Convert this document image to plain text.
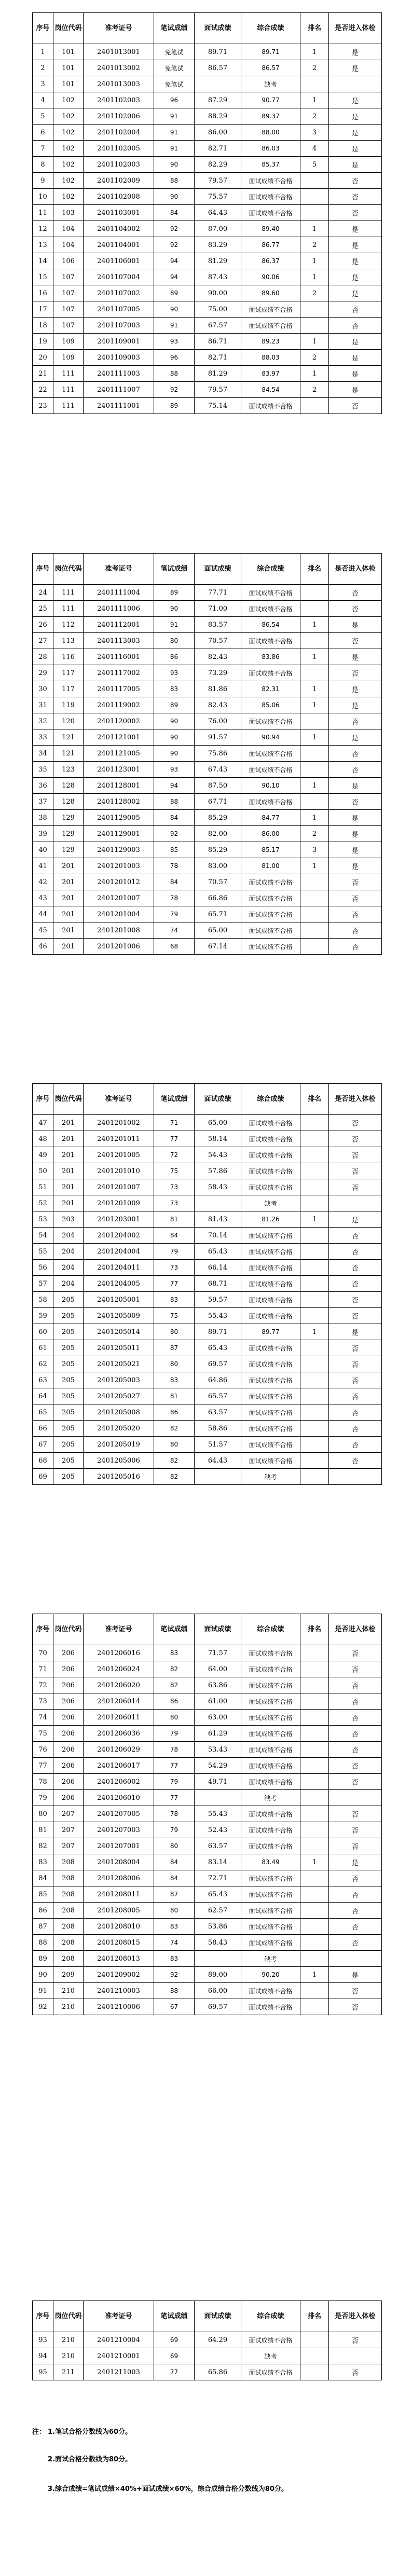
序号	岗位代码	准考证号	笔试成绩	面试成绩	综合成绩	排名	是否进入体检
1	101	2401013001	免笔试	89.71	89.71	1	是
2	101	2401013002	免笔试	86.57	86.57	2	是
3	101	2401013003	免笔试		缺考		
4	102	2401102003	96	87.29	90.77	1	是
5	102	2401102006	91	88.29	89.37	2	是
6	102	2401102004	91	86.00	88.00	3	是
7	102	2401102005	91	82.71	86.03	4	是
8	102	2401102003	90	82.29	85.37	5	是
9	102	2401102009	88	79.57	面试成绩不合格		否
10	102	2401102008	90	75.57	面试成绩不合格		否
11	103	2401103001	84	64.43	面试成绩不合格		否
12	104	2401104002	92	87.00	89.40	1	是
13	104	2401104001	92	83.29	86.77	2	是
14	106	2401106001	94	81.29	86.37	1	是
15	107	2401107004	94	87.43	90.06	1	是
16	107	2401107002	89	90.00	89.60	2	是
17	107	2401107005	90	75.00	面试成绩不合格		否
18	107	2401107003	91	67.57	面试成绩不合格		否
19	109	2401109001	93	86.71	89.23	1	是
20	109	2401109003	96	82.71	88.03	2	是
21	111	2401111003	88	81.29	83.97	1	是
22	111	2401111007	92	79.57	84.54	2	是
23	111	2401111001	89	75.14	面试成绩不合格		否
序号	岗位代码	准考证号	笔试成绩	面试成绩	综合成绩	排名	是否进入体检
24	111	2401111004	89	77.71	面试成绩不合格		否
25	111	2401111006	90	71.00	面试成绩不合格		否
26	112	2401112001	91	83.57	86.54	1	是
27	113	2401113003	80	70.57	面试成绩不合格		否
28	116	2401116001	86	82.43	83.86	1	是
29	117	2401117002	93	73.29	面试成绩不合格		否
30	117	2401117005	83	81.86	82.31	1	是
31	119	2401119002	89	82.43	85.06	1	是
32	120	2401120002	90	76.00	面试成绩不合格		否
33	121	2401121001	90	91.57	90.94	1	是
34	121	2401121005	90	75.86	面试成绩不合格		否
35	123	2401123001	93	67.43	面试成绩不合格		否
36	128	2401128001	94	87.50	90.10	1	是
37	128	2401128002	88	67.71	面试成绩不合格		否
38	129	2401129005	84	85.29	84.77	1	是
39	129	2401129001	92	82.00	86.00	2	是
40	129	2401129003	85	85.29	85.17	3	是
41	201	2401201003	78	83.00	81.00	1	是
42	201	2401201012	84	70.57	面试成绩不合格		否
43	201	2401201007	78	66.86	面试成绩不合格		否
44	201	2401201004	79	65.71	面试成绩不合格		否
45	201	2401201008	74	65.00	面试成绩不合格		否
46	201	2401201006	68	67.14	面试成绩不合格		否
序号	岗位代码	准考证号	笔试成绩	面试成绩	综合成绩	排名	是否进入体检
47	201	2401201002	71	65.00	面试成绩不合格		否
48	201	2401201011	77	58.14	面试成绩不合格		否
49	201	2401201005	72	54.43	面试成绩不合格		否
50	201	2401201010	75	57.86	面试成绩不合格		否
51	201	2401201007	73	58.43	面试成绩不合格		否
52	201	2401201009	73		缺考		
53	203	2401203001	81	81.43	81.26	1	是
54	204	2401204002	84	70.14	面试成绩不合格		否
55	204	2401204004	79	65.43	面试成绩不合格		否
56	204	2401204011	73	66.14	面试成绩不合格		否
57	204	2401204005	77	68.71	面试成绩不合格		否
58	205	2401205001	83	59.57	面试成绩不合格		否
59	205	2401205009	75	55.43	面试成绩不合格		否
60	205	2401205014	80	89.71	89.77	1	是
61	205	2401205011	87	65.43	面试成绩不合格		否
62	205	2401205021	80	69.57	面试成绩不合格		否
63	205	2401205003	83	64.86	面试成绩不合格		否
64	205	2401205027	81	65.57	面试成绩不合格		否
65	205	2401205008	86	63.57	面试成绩不合格		否
66	205	2401205020	82	58.86	面试成绩不合格		否
67	205	2401205019	80	51.57	面试成绩不合格		否
68	205	2401205006	82	64.43	面试成绩不合格		否
69	205	2401205016	82		缺考		
序号	岗位代码	准考证号	笔试成绩	面试成绩	综合成绩	排名	是否进入体检
70	206	2401206016	83	71.57	面试成绩不合格		否
71	206	2401206024	82	64.00	面试成绩不合格		否
72	206	2401206020	82	63.86	面试成绩不合格		否
73	206	2401206014	86	61.00	面试成绩不合格		否
74	206	2401206011	80	63.00	面试成绩不合格		否
75	206	2401206036	79	61.29	面试成绩不合格		否
76	206	2401206029	78	53.43	面试成绩不合格		否
77	206	2401206017	77	54.29	面试成绩不合格		否
78	206	2401206002	79	49.71	面试成绩不合格		否
79	206	2401206010	77		缺考		
80	207	2401207005	78	55.43	面试成绩不合格		否
81	207	2401207003	79	52.43	面试成绩不合格		否
82	207	2401207001	80	63.57	面试成绩不合格		否
83	208	2401208004	84	83.14	83.49	1	是
84	208	2401208006	84	72.71	面试成绩不合格		否
85	208	2401208011	87	65.43	面试成绩不合格		否
86	208	2401208005	80	62.57	面试成绩不合格		否
87	208	2401208010	83	53.86	面试成绩不合格		否
88	208	2401208015	74	58.43	面试成绩不合格		否
89	208	2401208013	83		缺考		
90	209	2401209002	92	89.00	90.20	1	是
91	210	2401210003	88	66.00	面试成绩不合格		否
92	210	2401210006	67	69.57	面试成绩不合格		否
序号	岗位代码	准考证号	笔试成绩	面试成绩	综合成绩	排名	是否进入体检
93	210	2401210004	69	64.29	面试成绩不合格		否
94	210	2401210001	69		缺考		
95	211	2401211003	77	65.86	面试成绩不合格		否
注： 1.笔试合格分数线为60分。
2.面试合格分数线为80分。
3.综合成绩=笔试成绩×40%+面试成绩×60%，综合成绩合格分数线为80分。
